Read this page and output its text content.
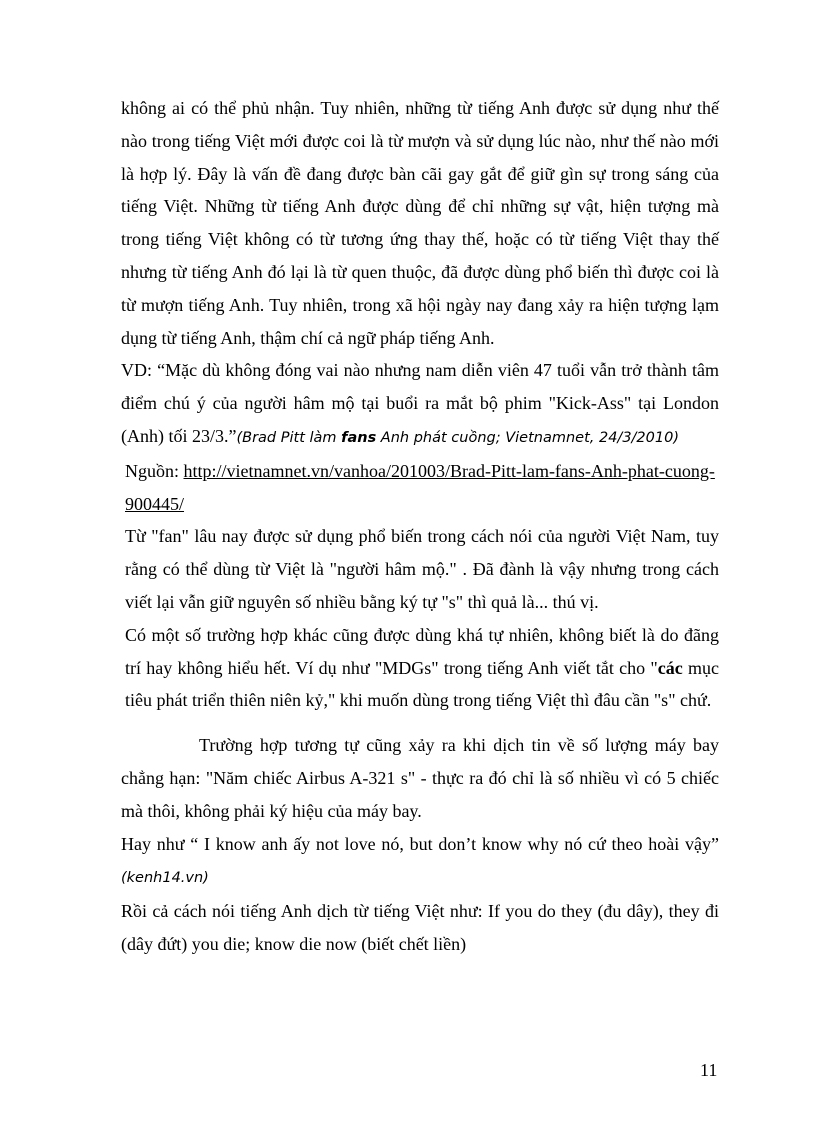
không ai có thể phủ nhận. Tuy nhiên, những từ tiếng Anh được sử dụng như thế nào trong tiếng Việt mới được coi là từ mượn và sử dụng lúc nào, như thế nào mới là hợp lý. Đây là vấn đề đang được bàn cãi gay gắt để giữ gìn sự trong sáng của tiếng Việt. Những từ tiếng Anh được dùng để chỉ những sự vật, hiện tượng mà trong tiếng Việt không có từ tương ứng thay thế, hoặc có từ tiếng Việt thay thế nhưng từ tiếng Anh đó lại là từ quen thuộc, đã được dùng phổ biến thì được coi là từ mượn tiếng Anh. Tuy nhiên, trong xã hội ngày nay đang xảy ra hiện tượng lạm dụng từ tiếng Anh, thậm chí cả ngữ pháp tiếng Anh.

VD: “Mặc dù không đóng vai nào nhưng nam diễn viên 47 tuổi vẫn trở thành tâm điểm chú ý của người hâm mộ tại buổi ra mắt bộ phim "Kick-Ass" tại London (Anh) tối 23/3.”(Brad Pitt làm fans Anh phát cuồng; Vietnamnet, 24/3/2010)

Nguồn: http://vietnamnet.vn/vanhoa/201003/Brad-Pitt-lam-fans-Anh-phat-cuong-900445/

Từ "fan" lâu nay được sử dụng phổ biến trong cách nói của người Việt Nam, tuy rằng có thể dùng từ Việt là "người hâm mộ." . Đã đành là vậy nhưng trong cách viết lại vẫn giữ nguyên số nhiều bằng ký tự "s" thì quả là... thú vị.

Có một số trường hợp khác cũng được dùng khá tự nhiên, không biết là do đãng trí hay không hiểu hết. Ví dụ như "MDGs" trong tiếng Anh viết tắt cho "các mục tiêu phát triển thiên niên kỷ," khi muốn dùng trong tiếng Việt thì đâu cần "s" chứ.

Trường hợp tương tự cũng xảy ra khi dịch tin về số lượng máy bay chẳng hạn: "Năm chiếc Airbus A-321 s" - thực ra đó chỉ là số nhiều vì có 5 chiếc mà thôi, không phải ký hiệu của máy bay.

Hay như “ I know anh ấy not love nó, but don’t know why nó cứ theo hoài vậy” (kenh14.vn)

Rồi cả cách nói tiếng Anh dịch từ tiếng Việt như: If you do they (đu dây), they đi (dây đứt) you die; know die now (biết chết liền)

11
